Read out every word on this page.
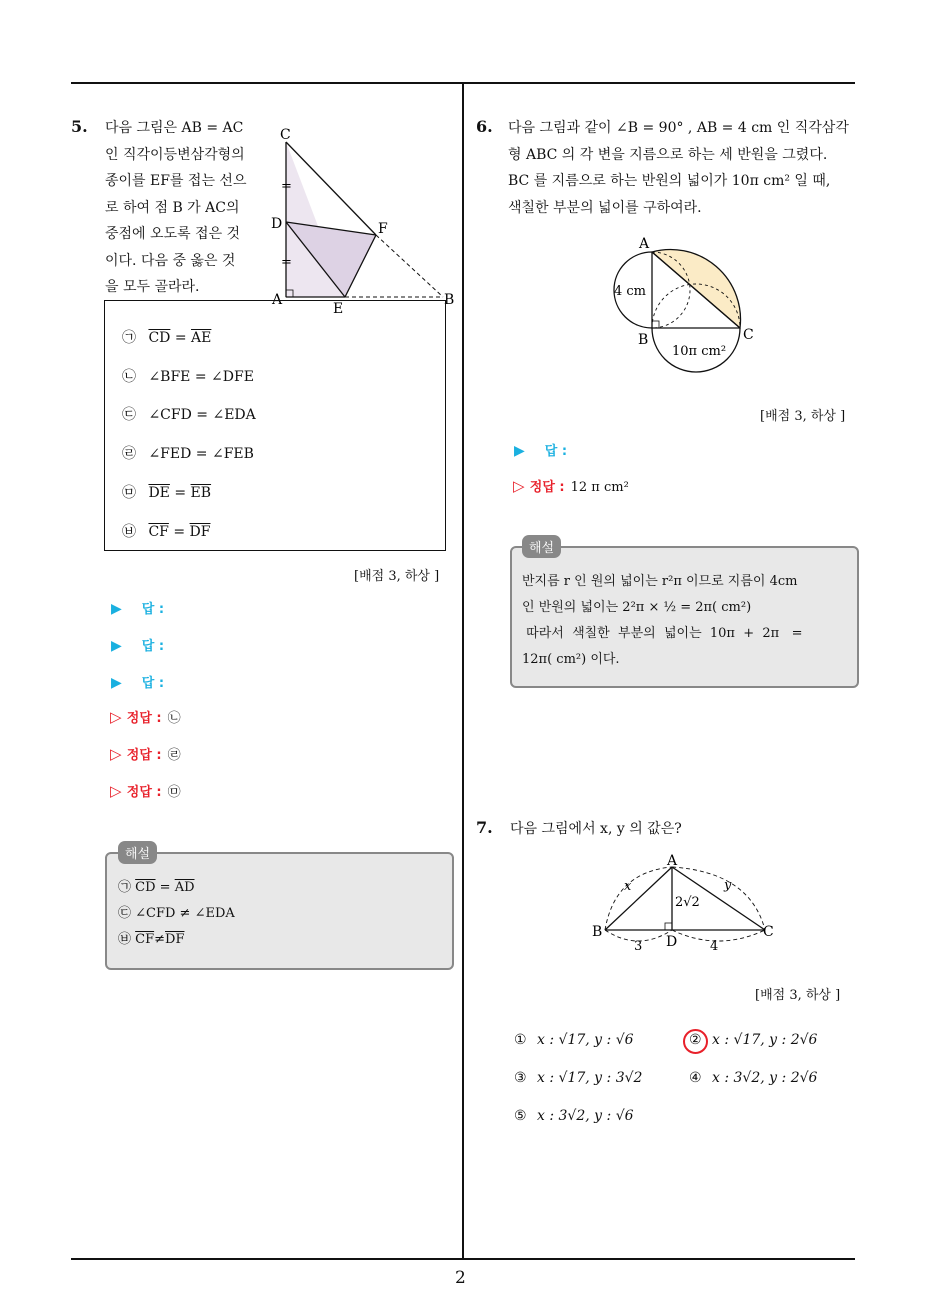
2
5. 다음 그림은 AB = AC
인 직각이등변삼각형의
종이를 EF를 접는 선으
로 하여 점 B 가 AC의
중점에 오도록 접은 것
이다. 다음 중 옳은 것
을 모두 골라라.
=
=
C
D	F
A
E
B
㉠ $\overline{CD} = \overline{AE}$
㉡ ∠BFE = ∠DFE
㉢ ∠CFD = ∠EDA
㉣ ∠FED = ∠FEB
㉤ $\overline{DE} = \overline{EB}$
㉥ $\overline{CF} = \overline{DF}$
[배점 3, 하상 ]
▶ 답 :
▶ 답 :
▶ 답 :
▷ 정답 : ㉡
▷ 정답 : ㉣
▷ 정답 : ㉤
해설
㉠ $\overline{CD} = \overline{AD}$
㉢ ∠CFD ≠ ∠EDA
㉥ $\overline{CF}\ne\overline{DF}$
6. 다음 그림과 같이 ∠B = 90° , AB = 4 cm 인 직각삼각
형 ABC 의 각 변을 지름으로 하는 세 반원을 그렸다.
BC 를 지름으로 하는 반원의 넓이가 10π cm² 일 때,
색칠한 부분의 넓이를 구하여라.
A
B	C
4 cm
10π cm²
[배점 3, 하상 ]
▶ 답 :
▷ 정답 : 12 π cm²
해설
반지름 r 인 원의 넓이는 r²π 이므로 지름이 4cm
인 반원의 넓이는 2²π × ½ = 2π( cm²)
따라서  색칠한  부분의  넓이는  10π  +  2π   =
12π( cm²) 이다.
7. 다음 그림에서 x, y 의 값은?
A
B	C
D
x	y
2√2
3	4
[배점 3, 하상 ]
① x : √17, y : √6	② x : √17, y : 2√6
③ x : √17, y : 3√2	④ x : 3√2, y : 2√6
⑤ x : 3√2, y : √6
